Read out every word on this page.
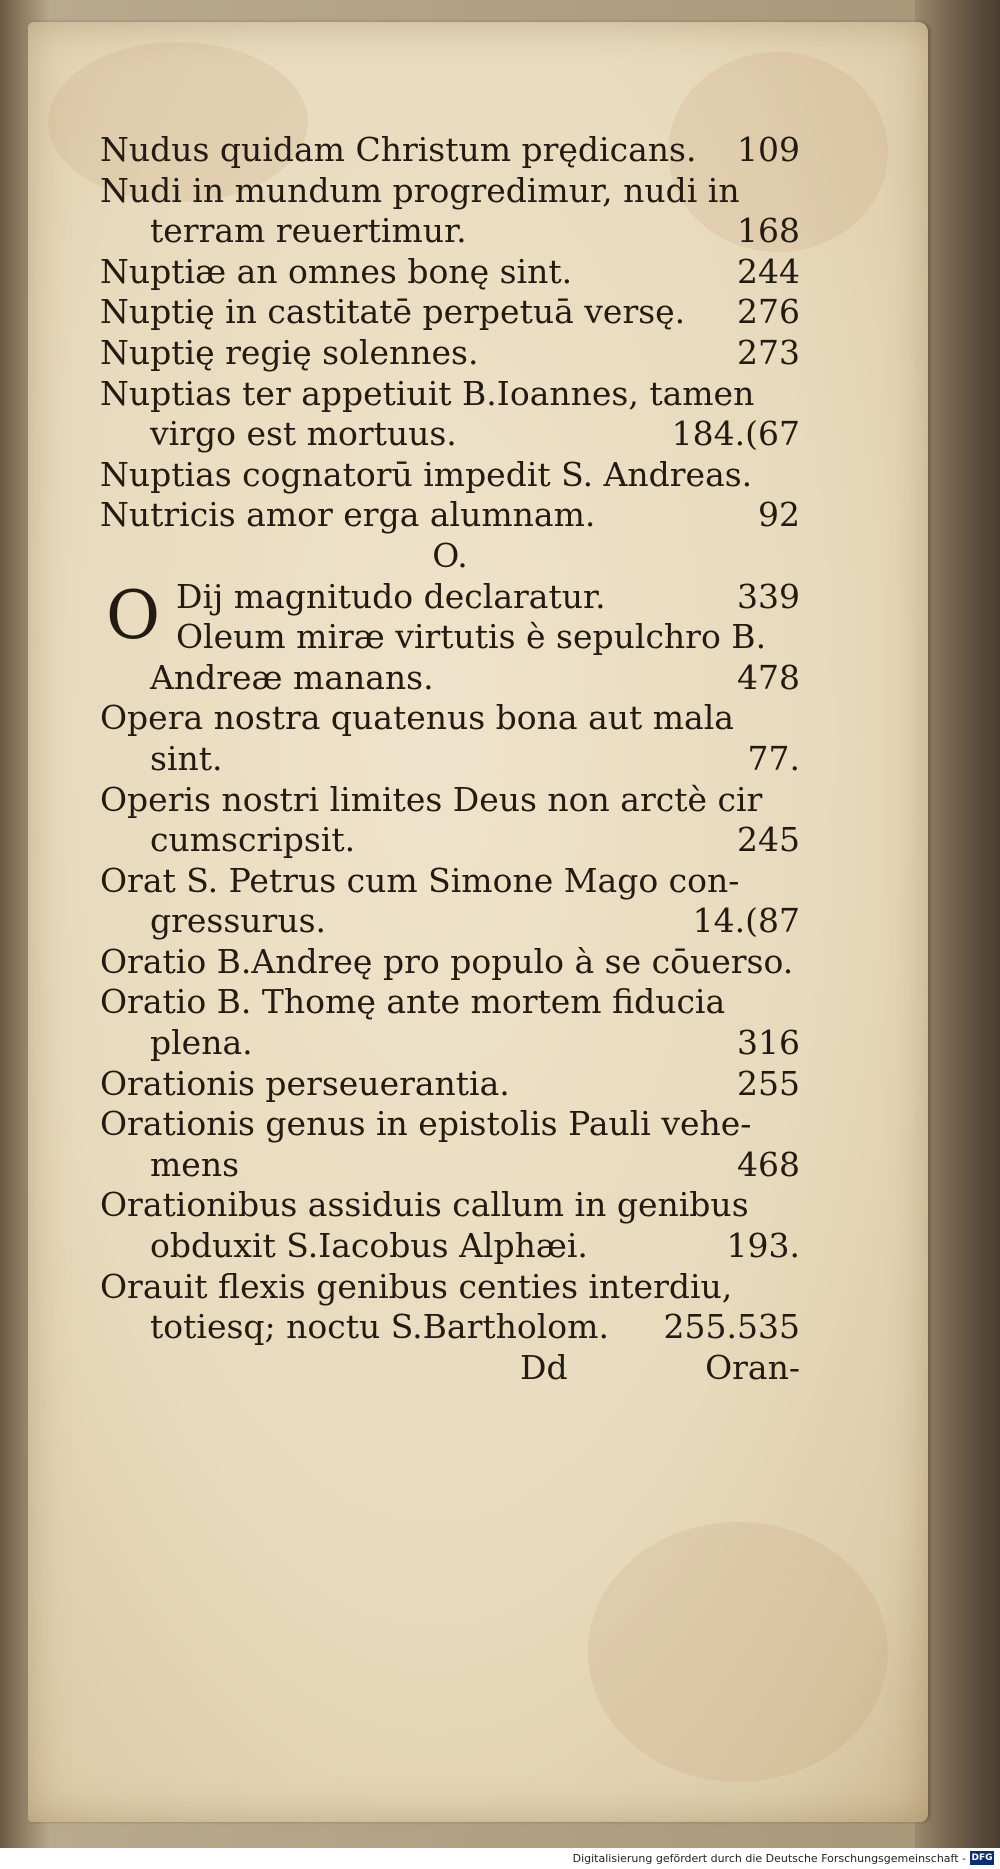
Nudus quidam Christum prędicans. 109
Nudi in mundum progredimur, nudi in
terram reuertimur.	168
Nuptiæ an omnes bonę sint.	244
Nuptię in castitatē perpetuā versę. 276
Nuptię regię solennes.	273
Nuptias ter appetiuit B.Ioannes, tamen
virgo est mortuus.	184.(67
Nuptias cognatorū impedit S. Andreas.
Nutricis amor erga alumnam.	92
O.
O Dij magnitudo declaratur.	339
Oleum miræ virtutis è sepulchro B.
Andreæ manans.	478
Opera nostra quatenus bona aut mala
sint.	77.
Operis nostri limites Deus non arctè cir
cumscripsit.	245
Orat S. Petrus cum Simone Mago con-
gressurus.	14.(87
Oratio B.Andreę pro populo à se cōuerso.
Oratio B. Thomę ante mortem fiducia
plena.	316
Orationis perseuerantia.	255
Orationis genus in epistolis Pauli vehe-
mens	468
Orationibus assiduis callum in genibus
obduxit S.Iacobus Alphæi.	193.
Orauit flexis genibus centies interdiu,
totiesq; noctu S.Bartholom. 255.535
Dd	Oran-
Digitalisierung gefördert durch die Deutsche Forschungsgemeinschaft - DFG
